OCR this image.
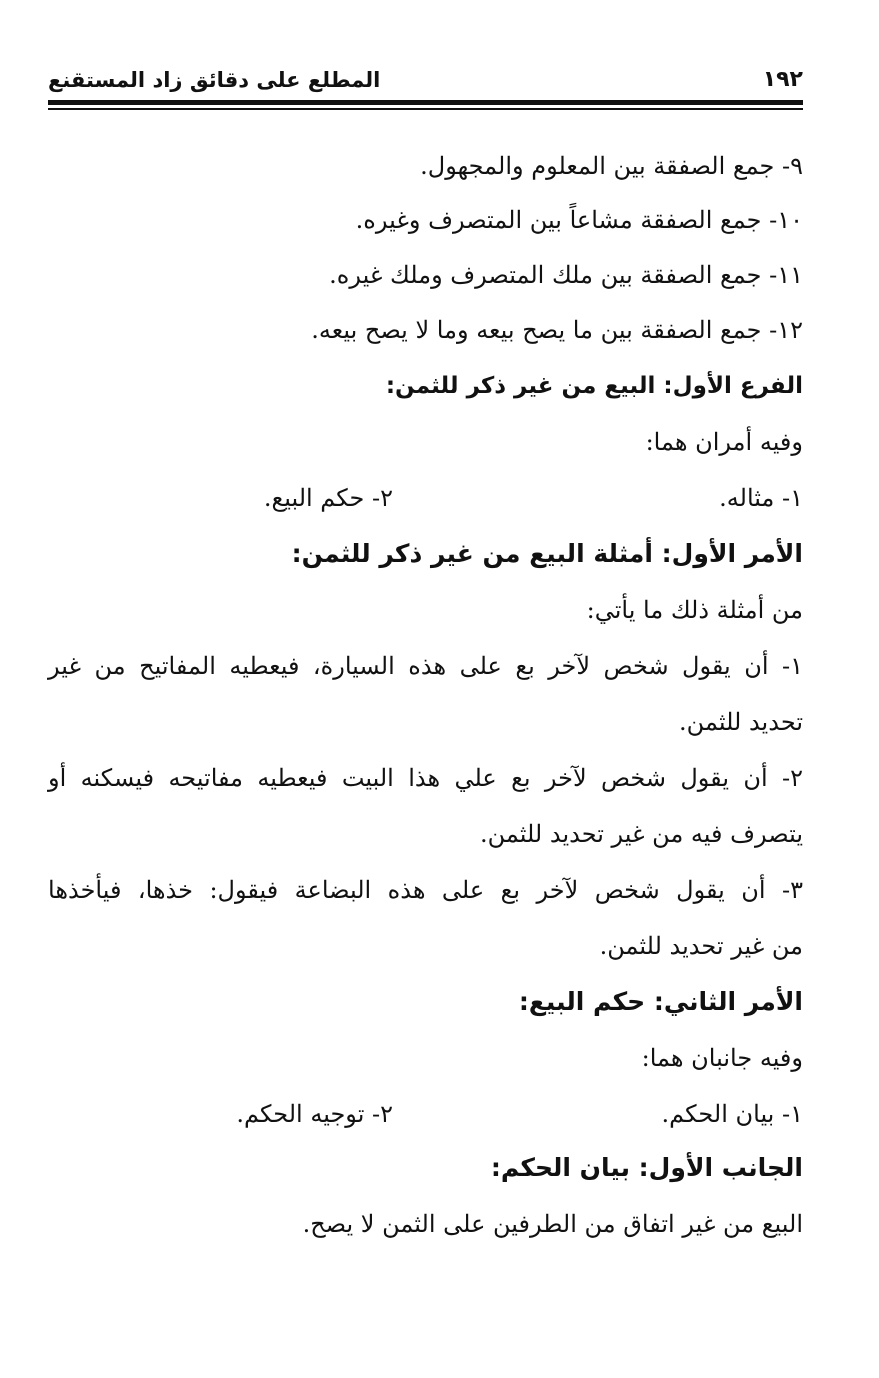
١٩٢
المطلع على دقائق زاد المستقنع
٩- جمع الصفقة بين المعلوم والمجهول.
١٠- جمع الصفقة مشاعاً بين المتصرف وغيره.
١١- جمع الصفقة بين ملك المتصرف وملك غيره.
١٢- جمع الصفقة بين ما يصح بيعه وما لا يصح بيعه.
الفرع الأول: البيع من غير ذكر للثمن:
وفيه أمران هما:
١- مثاله.
٢- حكم البيع.
الأمر الأول: أمثلة البيع من غير ذكر للثمن:
من أمثلة ذلك ما يأتي:
١- أن يقول شخص لآخر بع على هذه السيارة، فيعطيه المفاتيح من غير
تحديد للثمن.
٢- أن يقول شخص لآخر بع علي هذا البيت فيعطيه مفاتيحه فيسكنه أو
يتصرف فيه من غير تحديد للثمن.
٣- أن يقول شخص لآخر بع على هذه البضاعة فيقول: خذها، فيأخذها
من غير تحديد للثمن.
الأمر الثاني: حكم البيع:
وفيه جانبان هما:
١- بيان الحكم.
٢- توجيه الحكم.
الجانب الأول: بيان الحكم:
البيع من غير اتفاق من الطرفين على الثمن لا يصح.
